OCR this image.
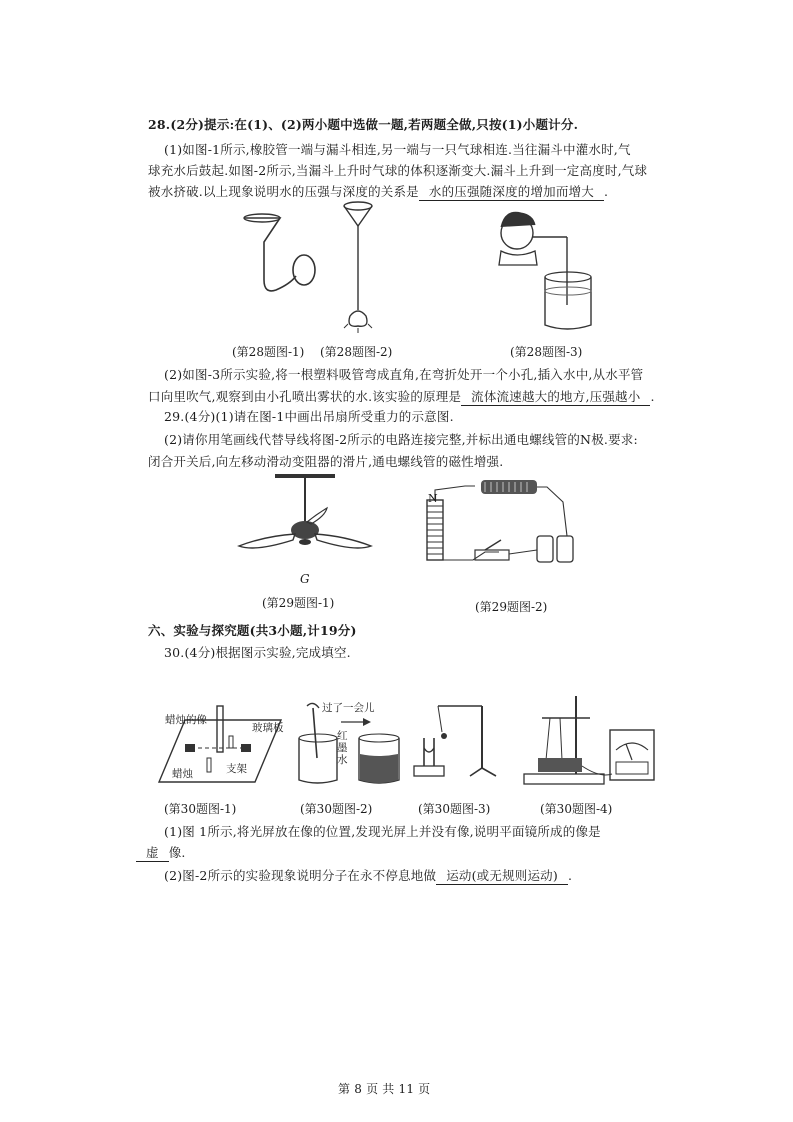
28.(2分)提示:在(1)、(2)两小题中选做一题,若两题全做,只按(1)小题计分.
(1)如图-1所示,橡胶管一端与漏斗相连,另一端与一只气球相连.当往漏斗中灌水时,气
球充水后鼓起.如图-2所示,当漏斗上升时气球的体积逐渐变大.漏斗上升到一定高度时,气球
被水挤破.以上现象说明水的压强与深度的关系是 水的压强随深度的增加而增大 .
(第28题图-1) (第28题图-2)	(第28题图-3)
(2)如图-3所示实验,将一根塑料吸管弯成直角,在弯折处开一个小孔,插入水中,从水平管
口向里吹气,观察到由小孔喷出雾状的水.该实验的原理是 流体流速越大的地方,压强越小 .
29.(4分)(1)请在图-1中画出吊扇所受重力的示意图.
(2)请你用笔画线代替导线将图-2所示的电路连接完整,并标出通电螺线管的N极.要求:
闭合开关后,向左移动滑动变阻器的滑片,通电螺线管的磁性增强.
G
N
(第29题图-1)	(第29题图-2)
六、实验与探究题(共3小题,计19分)
30.(4分)根据图示实验,完成填空.
蜡烛的像
玻璃板
蜡烛	支架
过了一会儿
红
墨
水
(第30题图-1)	(第30题图-2)	(第30题图-3)	(第30题图-4)
(1)图 1所示,将光屏放在像的位置,发现光屏上并没有像,说明平面镜所成的像是
虚 像.
(2)图-2所示的实验现象说明分子在永不停息地做 运动(或无规则运动) .
第 8 页 共 11 页
